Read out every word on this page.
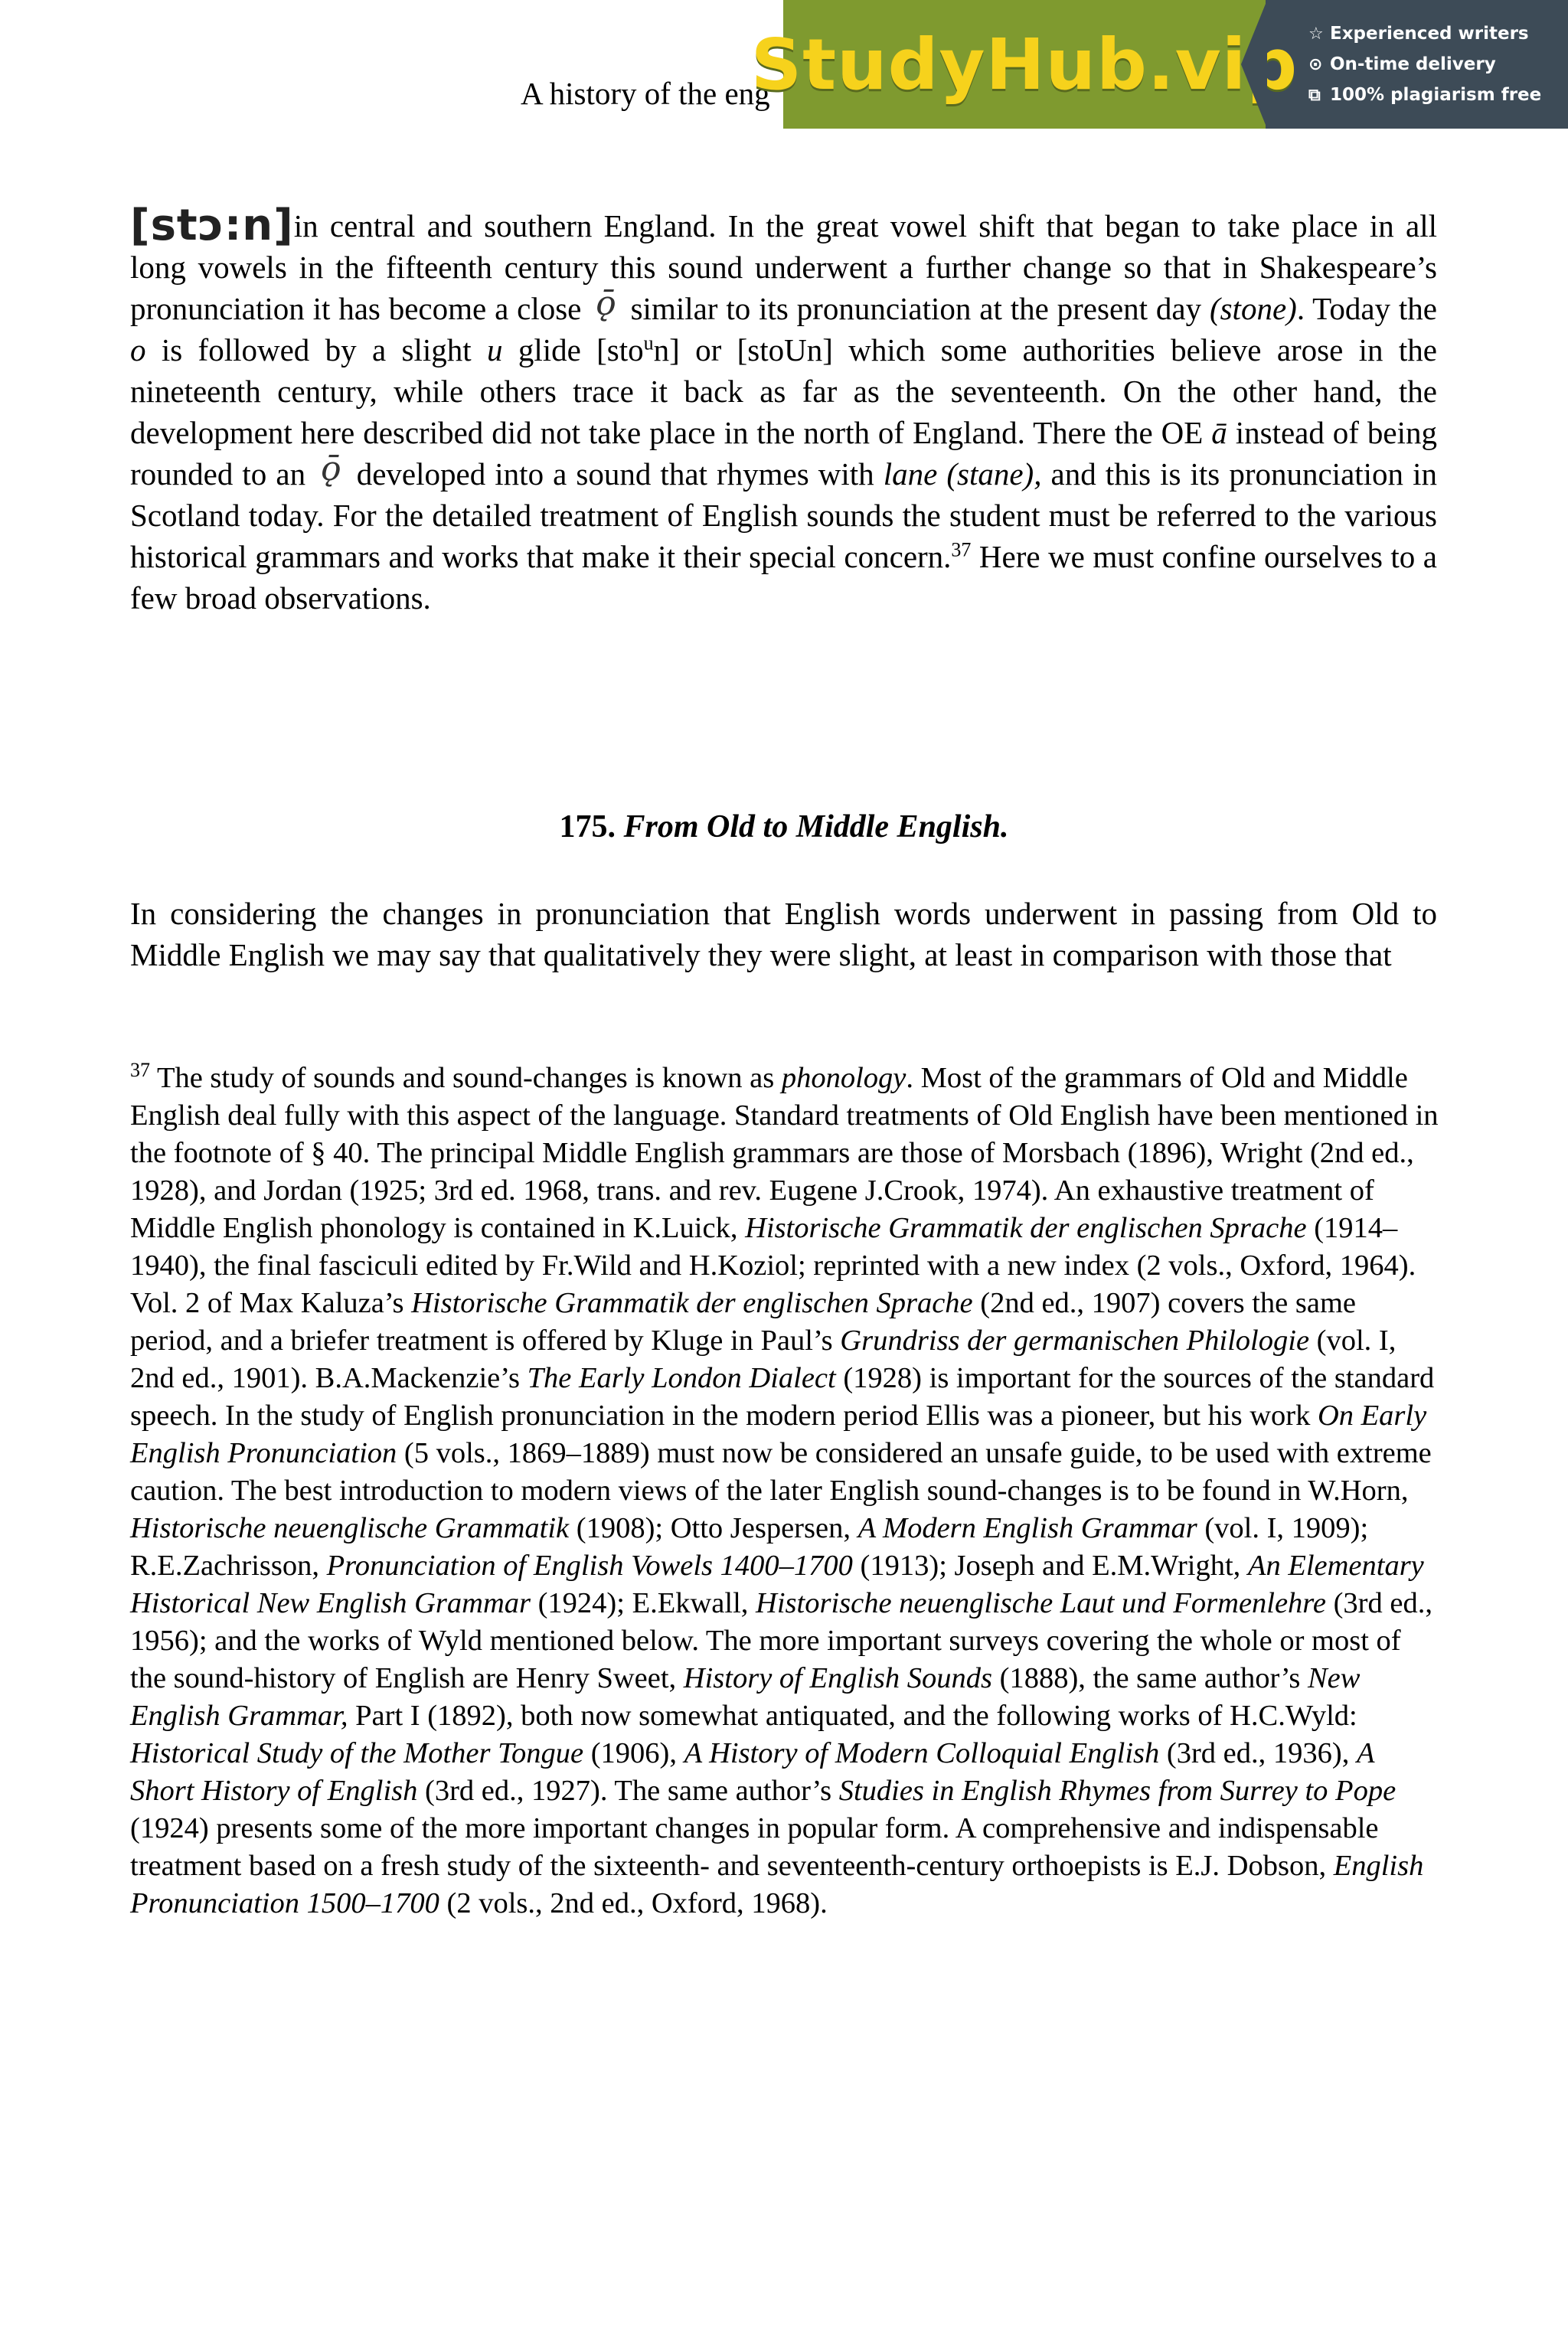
A history of the eng
StudyHub.vip ☆ Experienced writers
⊙ On-time delivery
⧉ 100% plagiarism free
[stɔ:n]in central and southern England. In the great vowel shift that began to take place in all long vowels in the fifteenth century this sound underwent a further change so that in Shakespeare’s pronunciation it has become a close ǭ similar to its pronunciation at the present day (stone). Today the o is followed by a slight u glide [sto$^u$n] or [stoUn] which some authorities believe arose in the nineteenth century, while others trace it back as far as the seventeenth. On the other hand, the development here described did not take place in the north of England. There the OE ā instead of being rounded to an ǭ developed into a sound that rhymes with lane (stane), and this is its pronunciation in Scotland today. For the detailed treatment of English sounds the student must be referred to the various historical grammars and works that make it their special concern.$^{37}$ Here we must confine ourselves to a few broad observations.
175. From Old to Middle English.
In considering the changes in pronunciation that English words underwent in passing from Old to Middle English we may say that qualitatively they were slight, at least in comparison with those that
$^{37}$ The study of sounds and sound-changes is known as phonology. Most of the grammars of Old and Middle English deal fully with this aspect of the language. Standard treatments of Old English have been mentioned in the footnote of § 40. The principal Middle English grammars are those of Morsbach (1896), Wright (2nd ed., 1928), and Jordan (1925; 3rd ed. 1968, trans. and rev. Eugene J.Crook, 1974). An exhaustive treatment of Middle English phonology is contained in K.Luick, Historische Grammatik der englischen Sprache (1914–1940), the final fasciculi edited by Fr.Wild and H.Koziol; reprinted with a new index (2 vols., Oxford, 1964). Vol. 2 of Max Kaluza’s Historische Grammatik der englischen Sprache (2nd ed., 1907) covers the same period, and a briefer treatment is offered by Kluge in Paul’s Grundriss der germanischen Philologie (vol. I, 2nd ed., 1901). B.A.Mackenzie’s The Early London Dialect (1928) is important for the sources of the standard speech. In the study of English pronunciation in the modern period Ellis was a pioneer, but his work On Early English Pronunciation (5 vols., 1869–1889) must now be considered an unsafe guide, to be used with extreme caution. The best introduction to modern views of the later English sound-changes is to be found in W.Horn, Historische neuenglische Grammatik (1908); Otto Jespersen, A Modern English Grammar (vol. I, 1909); R.E.Zachrisson, Pronunciation of English Vowels 1400–1700 (1913); Joseph and E.M.Wright, An Elementary Historical New English Grammar (1924); E.Ekwall, Historische neuenglische Laut und Formenlehre (3rd ed., 1956); and the works of Wyld mentioned below. The more important surveys covering the whole or most of the sound-history of English are Henry Sweet, History of English Sounds (1888), the same author’s New English Grammar, Part I (1892), both now somewhat antiquated, and the following works of H.C.Wyld: Historical Study of the Mother Tongue (1906), A History of Modern Colloquial English (3rd ed., 1936), A Short History of English (3rd ed., 1927). The same author’s Studies in English Rhymes from Surrey to Pope (1924) presents some of the more important changes in popular form. A comprehensive and indispensable treatment based on a fresh study of the sixteenth- and seventeenth-century orthoepists is E.J. Dobson, English Pronunciation 1500–1700 (2 vols., 2nd ed., Oxford, 1968).
